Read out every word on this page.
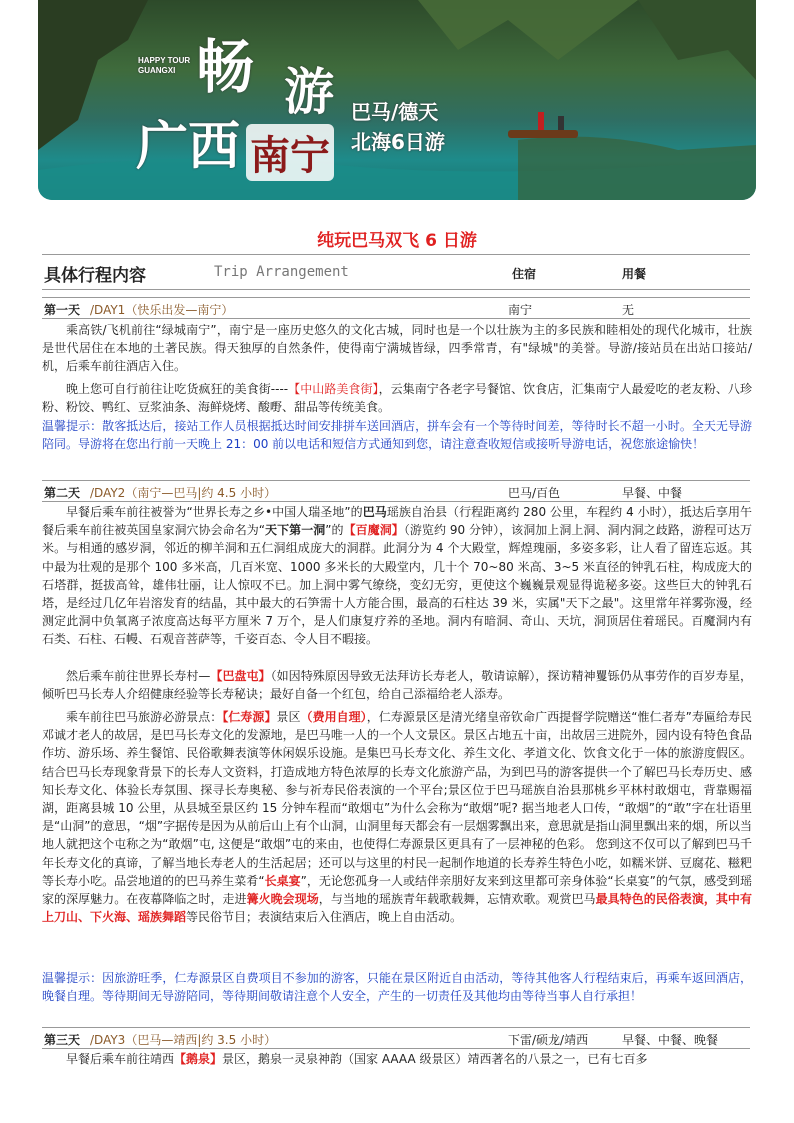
HAPPY TOUR
GUANGXI 畅 游
广西 南宁
巴马/德天
北海6日游
纯玩巴马双飞 6 日游
具体行程内容	Trip Arrangement	住宿	用餐
第一天 /DAY1（快乐出发—南宁）	南宁	无
乘高铁/飞机前往“绿城南宁”，南宁是一座历史悠久的文化古城，同时也是一个以壮族为主的多民族和睦相处的现代化城市，壮族是世代居住在本地的土著民族。得天独厚的自然条件，使得南宁满城皆绿，四季常青，有"绿城"的美誉。导游/接站员在出站口接站/机，后乘车前往酒店入住。
晚上您可自行前往让吃货疯狂的美食街----【中山路美食街】，云集南宁各老字号餐馆、饮食店，汇集南宁人最爱吃的老友粉、八珍粉、粉饺、鸭红、豆浆油条、海鲜烧烤、酸嘢、甜品等传统美食。
温馨提示：散客抵达后，接站工作人员根据抵达时间安排拼车送回酒店，拼车会有一个等待时间差，等待时长不超一小时。全天无导游陪同。导游将在您出行前一天晚上 21：00 前以电话和短信方式通知到您，请注意查收短信或接听导游电话，祝您旅途愉快！
第二天 /DAY2（南宁—巴马|约 4.5 小时）	巴马/百色	早餐、中餐
早餐后乘车前往被誉为“世界长寿之乡•中国人瑞圣地”的巴马瑶族自治县（行程距离约 280 公里，车程约 4 小时），抵达后享用午餐后乘车前往被英国皇家洞穴协会命名为“天下第一洞”的【百魔洞】（游览约 90 分钟），该洞加上洞上洞、洞内洞之歧路，游程可达万米。与相通的感岁洞，邻近的柳羊洞和五仁洞组成庞大的洞群。此洞分为 4 个大殿堂，辉煌瑰丽，多姿多彩，让人看了留连忘返。其中最为壮观的是那个 100 多米高，几百米宽、1000 多米长的大殿堂内，几十个 70~80 米高、3~5 米直径的钟乳石柱，构成庞大的石塔群，挺拔高耸，雄伟壮丽，让人惊叹不已。加上洞中雾气缭绕，变幻无穷，更使这个巍巍景观显得诡秘多姿。这些巨大的钟乳石塔，是经过几亿年岩溶发育的结晶，其中最大的石笋需十人方能合围，最高的石柱达 39 米，实属"天下之最"。这里常年祥雾弥漫，经测定此洞中负氧离子浓度高达每平方厘米 7 万个，是人们康复疗养的圣地。洞内有暗洞、奇山、天坑，洞顶居住着瑶民。百魔洞内有石类、石柱、石幔、石观音菩萨等，千姿百态、令人目不暇接。
然后乘车前往世界长寿村—【巴盘屯】（如因特殊原因导致无法拜访长寿老人，敬请谅解），探访精神矍铄仍从事劳作的百岁寿星，倾听巴马长寿人介绍健康经验等长寿秘诀；最好自备一个红包，给自己添福给老人添寿。
乘车前往巴马旅游必游景点：【仁寿源】景区（费用自理），仁寿源景区是清光绪皇帝钦命广西提督学院赠送“惟仁者寿”寿匾给寿民邓诚才老人的故居，是巴马长寿文化的发源地，是巴马唯一人的一个人文景区。景区占地五十亩，出故居三进院外，园内设有特色食品作坊、游乐场、养生餐馆、民俗歌舞表演等休闲娱乐设施。是集巴马长寿文化、养生文化、孝道文化、饮食文化于一体的旅游度假区。结合巴马长寿现象背景下的长寿人文资料，打造成地方特色浓厚的长寿文化旅游产品，为到巴马的游客提供一个了解巴马长寿历史、感知长寿文化、体验长寿氛围、探寻长寿奥秘、参与祈寿民俗表演的一个平台;景区位于巴马瑶族自治县那桃乡平林村敢烟屯，背靠赐福湖，距离县城 10 公里，从县城至景区约 15 分钟车程而“敢烟屯”为什么会称为“敢烟”呢? 据当地老人口传，“敢烟”的“敢”字在壮语里是“山洞”的意思，“烟”字据传是因为从前后山上有个山洞，山洞里每天都会有一层烟雾飘出来，意思就是指山洞里飘出来的烟，所以当地人就把这个屯称之为“敢烟”屯, 这便是“敢烟”屯的来由，也使得仁寿源景区更具有了一层神秘的色彩。 您到这不仅可以了解到巴马千年长寿文化的真谛，了解当地长寿老人的生活起居；还可以与这里的村民一起制作地道的长寿养生特色小吃，如糯米饼、豆腐花、糍粑等长寿小吃。品尝地道的的巴马养生菜肴“长桌宴”，无论您孤身一人或结伴亲朋好友来到这里都可亲身体验“长桌宴”的气氛，感受到瑶家的深厚魅力。在夜幕降临之时，走进篝火晚会现场，与当地的瑶族青年载歌载舞，忘情欢歌。观赏巴马最具特色的民俗表演，其中有上刀山、下火海、瑶族舞蹈等民俗节目；表演结束后入住酒店，晚上自由活动。
温馨提示：因旅游旺季，仁寿源景区自费项目不参加的游客，只能在景区附近自由活动，等待其他客人行程结束后，再乘车返回酒店，晚餐自理。等待期间无导游陪同，等待期间敬请注意个人安全，产生的一切责任及其他均由等待当事人自行承担！
第三天 /DAY3（巴马—靖西|约 3.5 小时）	下雷/硕龙/靖西	早餐、中餐、晚餐
早餐后乘车前往靖西【鹅泉】景区，鹅泉一灵泉神韵（国家 AAAA 级景区）靖西著名的八景之一，已有七百多
